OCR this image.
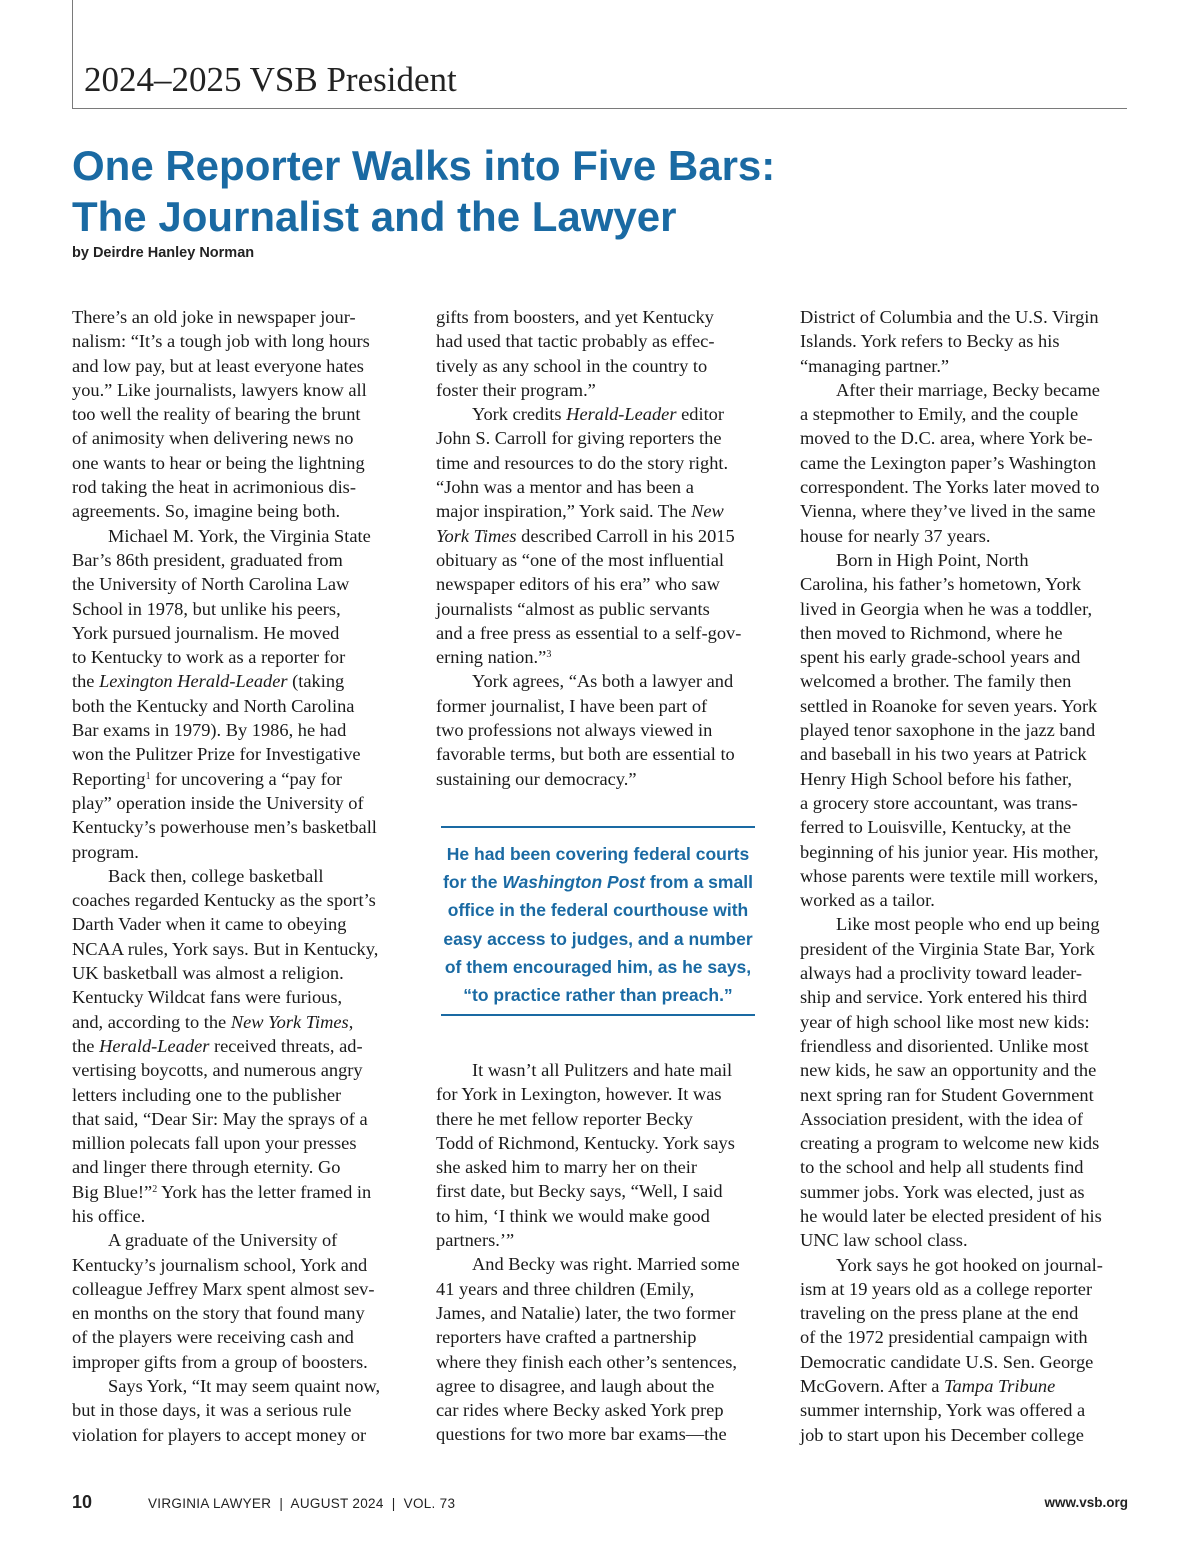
2024–2025 VSB President
One Reporter Walks into Five Bars:
The Journalist and the Lawyer
by Deirdre Hanley Norman

There’s an old joke in newspaper jour-
nalism: “It’s a tough job with long hours
and low pay, but at least everyone hates
you.” Like journalists, lawyers know all
too well the reality of bearing the brunt
of animosity when delivering news no
one wants to hear or being the lightning
rod taking the heat in acrimonious dis-
agreements. So, imagine being both.

Michael M. York, the Virginia State
Bar’s 86th president, graduated from
the University of North Carolina Law
School in 1978, but unlike his peers,
York pursued journalism. He moved
to Kentucky to work as a reporter for
the Lexington Herald-Leader (taking
both the Kentucky and North Carolina
Bar exams in 1979). By 1986, he had
won the Pulitzer Prize for Investigative
Reporting$^1$ for uncovering a “pay for
play” operation inside the University of
Kentucky’s powerhouse men’s basketball
program.

Back then, college basketball
coaches regarded Kentucky as the sport’s
Darth Vader when it came to obeying
NCAA rules, York says. But in Kentucky,
UK basketball was almost a religion.
Kentucky Wildcat fans were furious,
and, according to the New York Times,
the Herald-Leader received threats, ad-
vertising boycotts, and numerous angry
letters including one to the publisher
that said, “Dear Sir: May the sprays of a
million polecats fall upon your presses
and linger there through eternity. Go
Big Blue!”$^2$ York has the letter framed in
his office.

A graduate of the University of
Kentucky’s journalism school, York and
colleague Jeffrey Marx spent almost sev-
en months on the story that found many
of the players were receiving cash and
improper gifts from a group of boosters.

Says York, “It may seem quaint now,
but in those days, it was a serious rule
violation for players to accept money or

gifts from boosters, and yet Kentucky
had used that tactic probably as effec-
tively as any school in the country to
foster their program.”

York credits Herald-Leader editor
John S. Carroll for giving reporters the
time and resources to do the story right.
“John was a mentor and has been a
major inspiration,” York said. The New
York Times described Carroll in his 2015
obituary as “one of the most influential
newspaper editors of his era” who saw
journalists “almost as public servants
and a free press as essential to a self-gov-
erning nation.”$^3$

York agrees, “As both a lawyer and
former journalist, I have been part of
two professions not always viewed in
favorable terms, but both are essential to
sustaining our democracy.”

It wasn’t all Pulitzers and hate mail
for York in Lexington, however. It was
there he met fellow reporter Becky
Todd of Richmond, Kentucky. York says
she asked him to marry her on their
first date, but Becky says, “Well, I said
to him, ‘I think we would make good
partners.’”

And Becky was right. Married some
41 years and three children (Emily,
James, and Natalie) later, the two former
reporters have crafted a partnership
where they finish each other’s sentences,
agree to disagree, and laugh about the
car rides where Becky asked York prep
questions for two more bar exams—the

He had been covering federal courts
for the Washington Post from a small
office in the federal courthouse with
easy access to judges, and a number
of them encouraged him, as he says,
“to practice rather than preach.”

District of Columbia and the U.S. Virgin
Islands. York refers to Becky as his
“managing partner.”

After their marriage, Becky became
a stepmother to Emily, and the couple
moved to the D.C. area, where York be-
came the Lexington paper’s Washington
correspondent. The Yorks later moved to
Vienna, where they’ve lived in the same
house for nearly 37 years.

Born in High Point, North
Carolina, his father’s hometown, York
lived in Georgia when he was a toddler,
then moved to Richmond, where he
spent his early grade-school years and
welcomed a brother. The family then
settled in Roanoke for seven years. York
played tenor saxophone in the jazz band
and baseball in his two years at Patrick
Henry High School before his father,
a grocery store accountant, was trans-
ferred to Louisville, Kentucky, at the
beginning of his junior year. His mother,
whose parents were textile mill workers,
worked as a tailor.

Like most people who end up being
president of the Virginia State Bar, York
always had a proclivity toward leader-
ship and service. York entered his third
year of high school like most new kids:
friendless and disoriented. Unlike most
new kids, he saw an opportunity and the
next spring ran for Student Government
Association president, with the idea of
creating a program to welcome new kids
to the school and help all students find
summer jobs. York was elected, just as
he would later be elected president of his
UNC law school class.

York says he got hooked on journal-
ism at 19 years old as a college reporter
traveling on the press plane at the end
of the 1972 presidential campaign with
Democratic candidate U.S. Sen. George
McGovern. After a Tampa Tribune
summer internship, York was offered a
job to start upon his December college

10	VIRGINIA LAWYER  |  AUGUST 2024  |  VOL. 73	www.vsb.org
